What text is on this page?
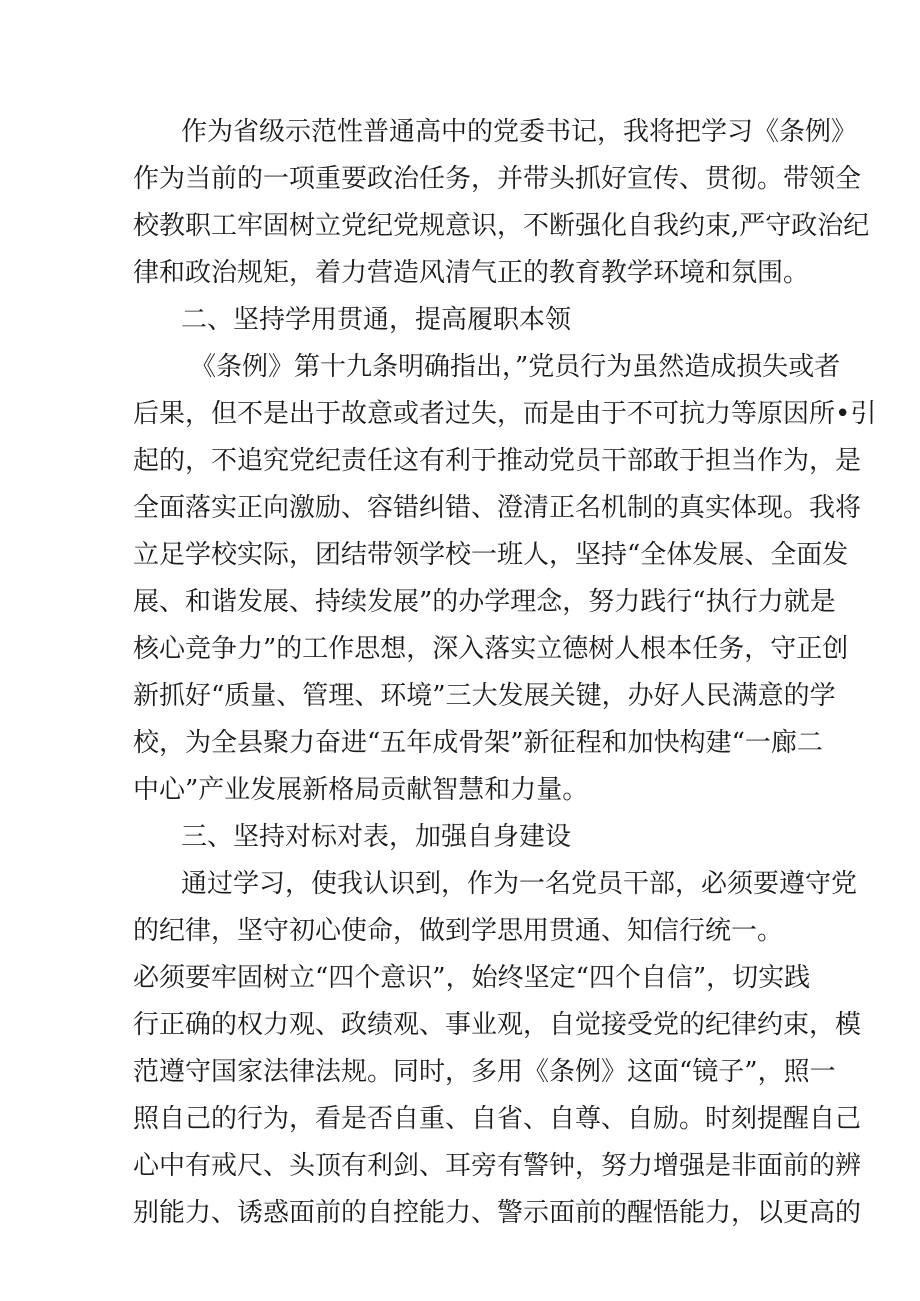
作为省级示范性普通高中的党委书记，我将把学习《条例》
作为当前的一项重要政治任务，并带头抓好宣传、贯彻。带领全
校教职工牢固树立党纪党规意识，不断强化自我约束,严守政治纪
律和政治规矩，着力营造风清气正的教育教学环境和氛围。
二、坚持学用贯通，提高履职本领
《条例》第十九条明确指出，”党员行为虽然造成损失或者
后果，但不是出于故意或者过失，而是由于不可抗力等原因所•引
起的，不追究党纪责任这有利于推动党员干部敢于担当作为，是
全面落实正向激励、容错纠错、澄清正名机制的真实体现。我将
立足学校实际，团结带领学校一班人，坚持“全体发展、全面发
展、和谐发展、持续发展”的办学理念，努力践行“执行力就是
核心竞争力”的工作思想，深入落实立德树人根本任务，守正创
新抓好“质量、管理、环境”三大发展关键，办好人民满意的学
校，为全县聚力奋进“五年成骨架”新征程和加快构建“一廊二
中心”产业发展新格局贡献智慧和力量。
三、坚持对标对表，加强自身建设
通过学习，使我认识到，作为一名党员干部，必须要遵守党
的纪律，坚守初心使命，做到学思用贯通、知信行统一。
必须要牢固树立“四个意识”，始终坚定“四个自信”，切实践
行正确的权力观、政绩观、事业观，自觉接受党的纪律约束，模
范遵守国家法律法规。同时，多用《条例》这面“镜子”，照一
照自己的行为，看是否自重、自省、自尊、自励。时刻提醒自己
心中有戒尺、头顶有利剑、耳旁有警钟，努力增强是非面前的辨
别能力、诱惑面前的自控能力、警示面前的醒悟能力，以更高的
